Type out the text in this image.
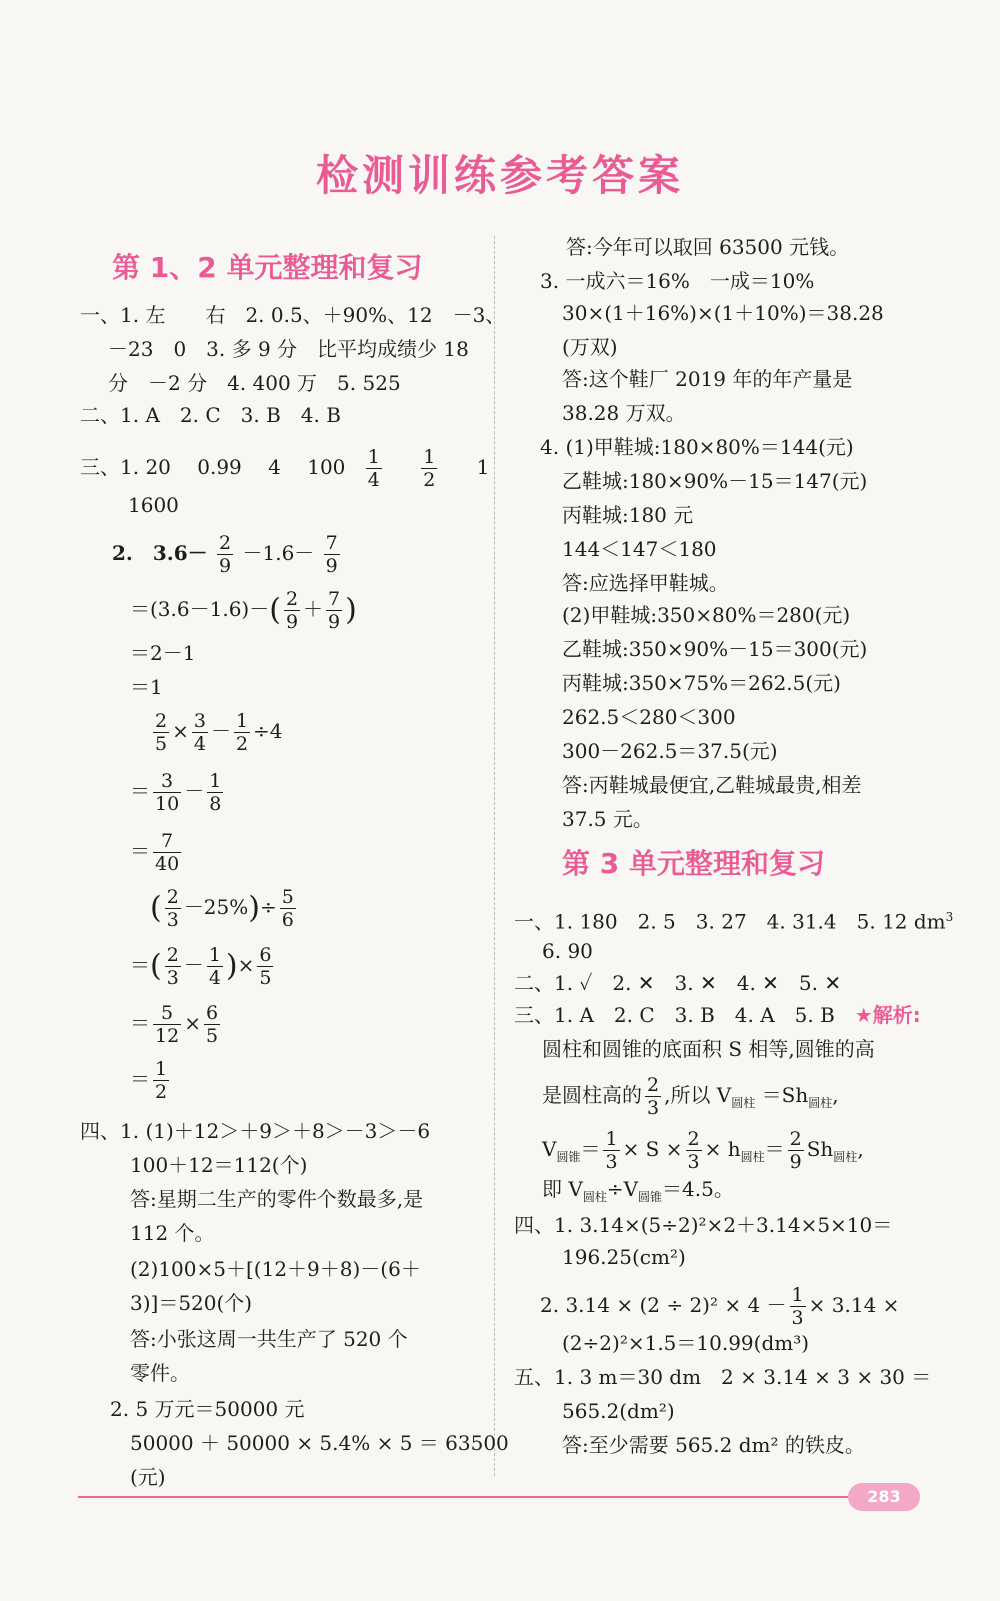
检测训练参考答案
第 1、2 单元整理和复习
第 3 单元整理和复习
一、1. 左　　右　2. 0.5、＋90%、12　－3、
－23　0　3. 多 9 分　比平均成绩少 18
分　－2 分　4. 400 万　5. 525
二、1. A　2. C　3. B　4. B
三、1. 20　 0.99　 4　 $100 \frac{1}{4}$
$\frac{1}{2} 1$
1600
2.　$3.6- \frac{2}{9} -1.6- \frac{7}{9}$
$=(3.6-1.6)-( \frac{2}{9} + \frac{7}{9}$ )
＝2－1
＝1
$\frac{2}{5} \times \frac{3}{4} - \frac{1}{2} \div 4$
＝ $\frac{3}{10} - \frac{1}{8}$
＝ $\frac{7}{40}$
( $\frac{2}{3} -25\%)\div \frac{5}{6}$
＝( $\frac{2}{3} - \frac{1}{4}$ )× $\frac{6}{5}$
＝ $\frac{5}{12} \times \frac{6}{5}$
＝ $\frac{1}{2}$
四、1. (1)＋12＞＋9＞＋8＞－3＞－6
100＋12＝112(个)
答:星期二生产的零件个数最多,是
112 个。
(2)100×5＋[(12＋9＋8)－(6＋
3)]＝520(个)
答:小张这周一共生产了 520 个
零件。
2. 5 万元＝50000 元
50000 ＋ 50000 × 5.4% × 5 ＝ 63500
(元)
答:今年可以取回 63500 元钱。
3. 一成六＝16%　一成＝10%
30×(1＋16%)×(1＋10%)＝38.28
(万双)
答:这个鞋厂 2019 年的年产量是
38.28 万双。
4. (1)甲鞋城:180×80%＝144(元)
乙鞋城:180×90%－15＝147(元)
丙鞋城:180 元
144＜147＜180
答:应选择甲鞋城。
(2)甲鞋城:350×80%＝280(元)
乙鞋城:350×90%－15＝300(元)
丙鞋城:350×75%＝262.5(元)
262.5＜280＜300
300－262.5＝37.5(元)
答:丙鞋城最便宜,乙鞋城最贵,相差
37.5 元。
一、1. 180　2. 5　3. 27　4. 31.4　5. 12 $dm^3$
6. 90
二、1. ✓　2. ✕　3. ✕　4. ✕　5. ✕
三、1. A　2. C　3. B　4. A　5. B　 ★解析:
圆柱和圆锥的底面积 S 相等,圆锥的高
是圆柱高的 $\frac{2}{3}$ ,所以 $V_{圆柱} =Sh_{圆柱}$,
$V_{圆锥}= \frac{1}{3} \times S \times \frac{2}{3} \times h_{圆柱}= \frac{2}{9} Sh_{圆柱}$,
即 $V_{圆柱}\div V_{圆锥}=4.5$。
四、1. 3.14×(5÷2)²×2＋3.14×5×10＝
196.25(cm²)
2. $3.14 \times (2 \div 2)^2 \times 4 - \frac{1}{3} \times 3.14$ ×
(2÷2)²×1.5＝10.99(dm³)
五、1. 3 m＝30 dm　2 × 3.14 × 3 × 30 ＝
565.2(dm²)
答:至少需要 565.2 dm² 的铁皮。
283
